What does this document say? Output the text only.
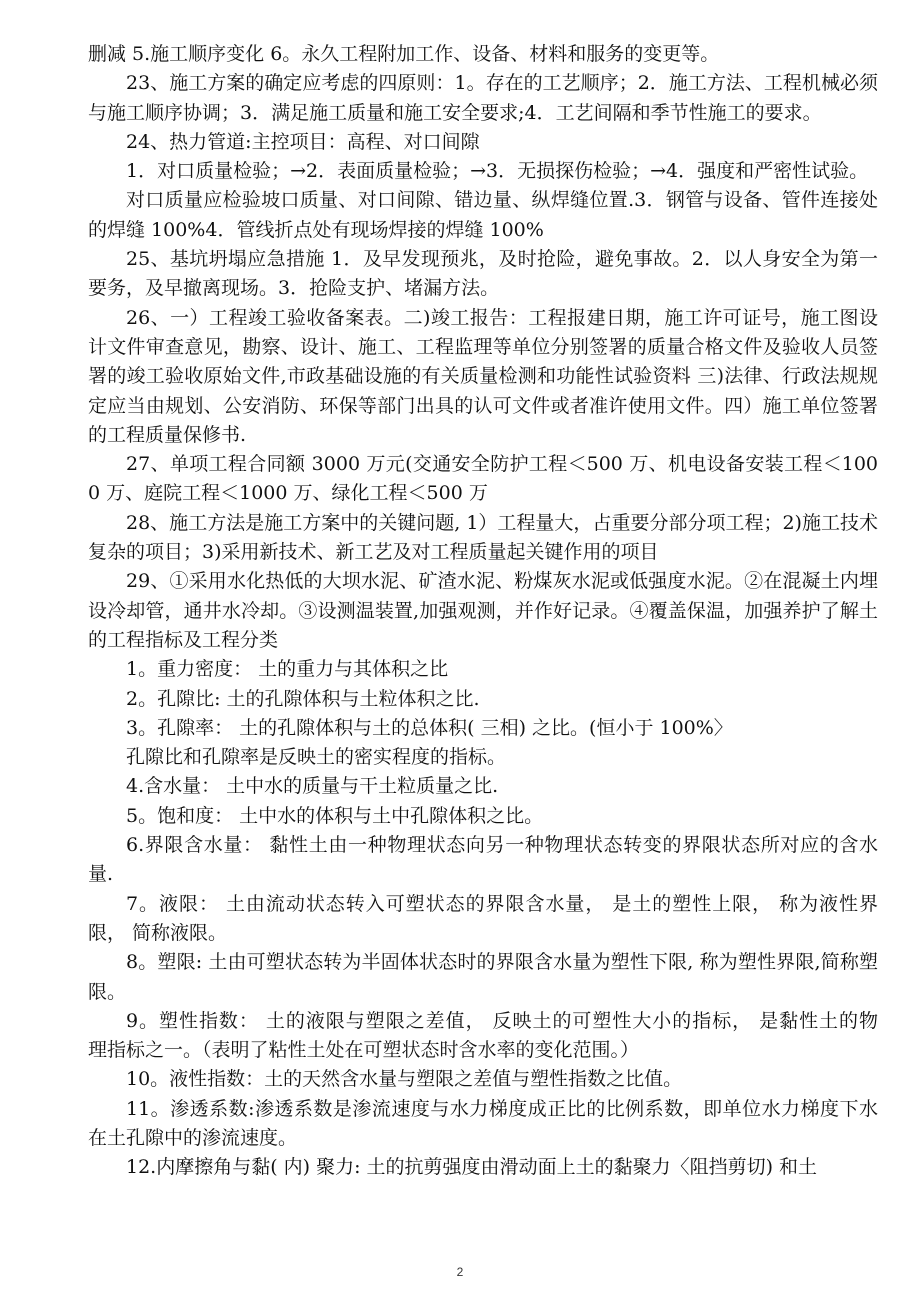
删减 5.施工顺序变化 6。永久工程附加工作、设备、材料和服务的变更等。

23、施工方案的确定应考虑的四原则：1。存在的工艺顺序；2．施工方法、工程机械必须与施工顺序协调；3．满足施工质量和施工安全要求;4．工艺间隔和季节性施工的要求。

24、热力管道:主控项目：高程、对口间隙

1．对口质量检验；→2．表面质量检验；→3．无损探伤检验；→4．强度和严密性试验。

对口质量应检验坡口质量、对口间隙、错边量、纵焊缝位置.3．钢管与设备、管件连接处的焊缝 100%4．管线折点处有现场焊接的焊缝 100%

25、基坑坍塌应急措施 1．及早发现预兆，及时抢险，避免事故。2．以人身安全为第一要务，及早撤离现场。3．抢险支护、堵漏方法。

26、一）工程竣工验收备案表。二)竣工报告：工程报建日期，施工许可证号，施工图设计文件审查意见，勘察、设计、施工、工程监理等单位分别签署的质量合格文件及验收人员签署的竣工验收原始文件,市政基础设施的有关质量检测和功能性试验资料 三)法律、行政法规规定应当由规划、公安消防、环保等部门出具的认可文件或者准许使用文件。四）施工单位签署的工程质量保修书.

27、单项工程合同额 3000 万元(交通安全防护工程＜500 万、机电设备安装工程＜1000 万、庭院工程＜1000 万、绿化工程＜500 万

28、施工方法是施工方案中的关键问题, 1）工程量大，占重要分部分项工程；2)施工技术复杂的项目；3)采用新技术、新工艺及对工程质量起关键作用的项目

29、①采用水化热低的大坝水泥、矿渣水泥、粉煤灰水泥或低强度水泥。②在混凝土内埋设冷却管，通井水冷却。③设测温装置,加强观测，并作好记录。④覆盖保温，加强养护了解土的工程指标及工程分类

1。重力密度： 土的重力与其体积之比

2。孔隙比: 土的孔隙体积与土粒体积之比.

3。孔隙率： 土的孔隙体积与土的总体积( 三相) 之比。(恒小于 100%〉

孔隙比和孔隙率是反映土的密实程度的指标。

4.含水量： 土中水的质量与干土粒质量之比.

5。饱和度： 土中水的体积与土中孔隙体积之比。

6.界限含水量： 黏性土由一种物理状态向另一种物理状态转变的界限状态所对应的含水量.

7。液限： 土由流动状态转入可塑状态的界限含水量， 是土的塑性上限， 称为液性界限， 简称液限。

8。塑限: 土由可塑状态转为半固体状态时的界限含水量为塑性下限, 称为塑性界限,简称塑限。

9。塑性指数： 土的液限与塑限之差值， 反映土的可塑性大小的指标， 是黏性土的物　理指标之一。（表明了粘性土处在可塑状态时含水率的变化范围。）

10。液性指数：土的天然含水量与塑限之差值与塑性指数之比值。

11。渗透系数:渗透系数是渗流速度与水力梯度成正比的比例系数，即单位水力梯度下水在土孔隙中的渗流速度。

12.内摩擦角与黏( 内) 聚力: 土的抗剪强度由滑动面上土的黏聚力〈阻挡剪切) 和土

2
